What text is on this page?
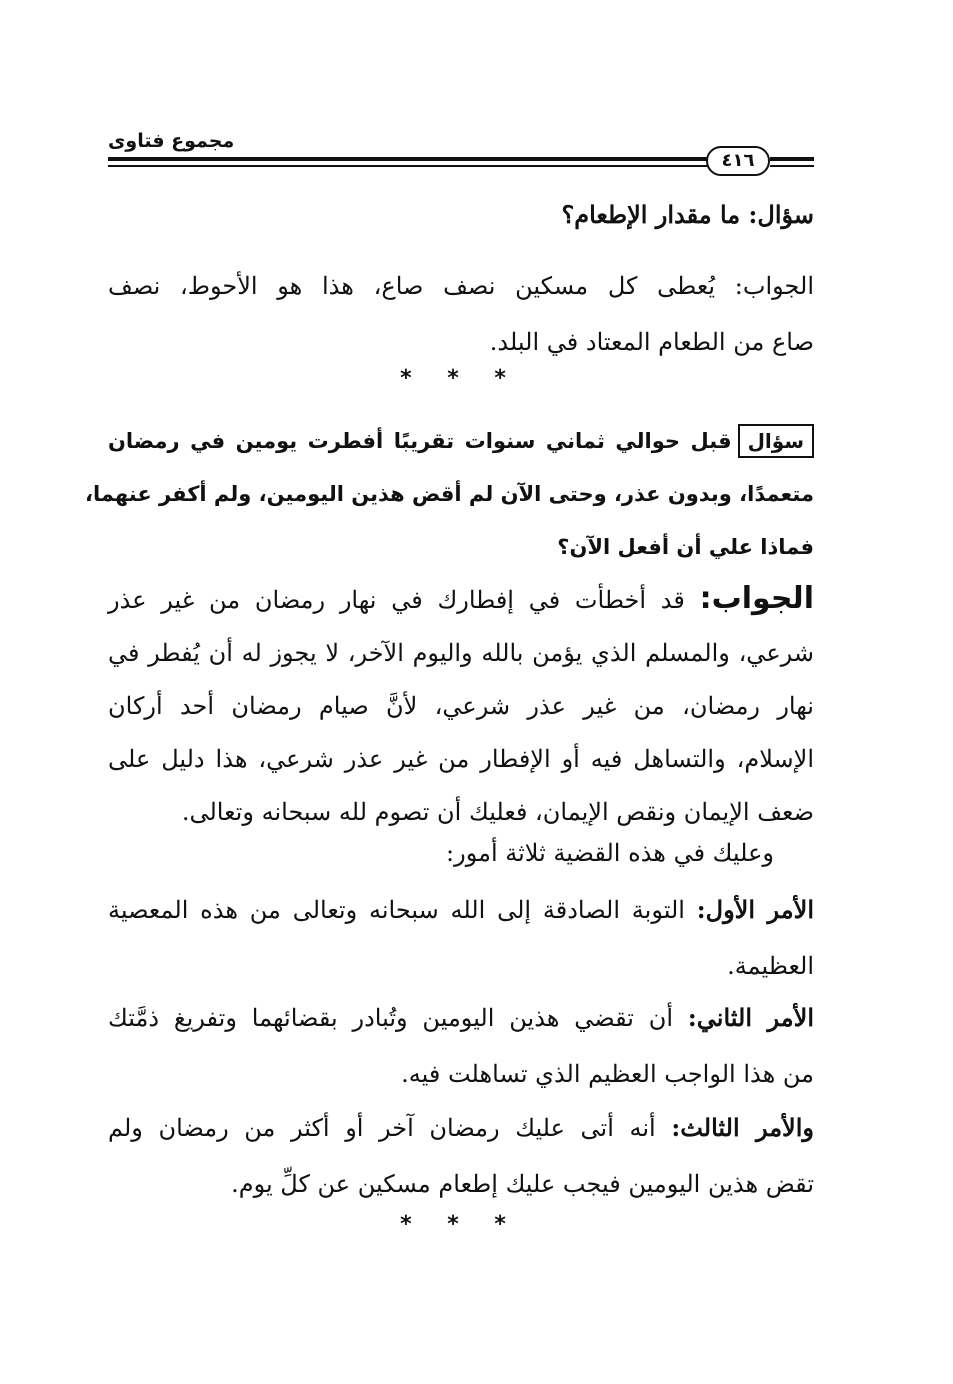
مجموع فتاوى
٤١٦
سؤال: ما مقدار الإطعام؟
الجواب: يُعطى كل مسكين نصف صاع، هذا هو الأحوط، نصف
صاع من الطعام المعتاد في البلد.
* * *
سؤالقبل حوالي ثماني سنوات تقريبًا أفطرت يومين في رمضان
متعمدًا، وبدون عذر، وحتى الآن لم أقض هذين اليومين، ولم أكفر عنهما،
فماذا علي أن أفعل الآن؟
الجواب: قد أخطأت في إفطارك في نهار رمضان من غير عذر
شرعي، والمسلم الذي يؤمن بالله واليوم الآخر، لا يجوز له أن يُفطر في
نهار رمضان، من غير عذر شرعي، لأنَّ صيام رمضان أحد أركان
الإسلام، والتساهل فيه أو الإفطار من غير عذر شرعي، هذا دليل على
ضعف الإيمان ونقص الإيمان، فعليك أن تصوم لله سبحانه وتعالى.
وعليك في هذه القضية ثلاثة أمور:
الأمر الأول: التوبة الصادقة إلى الله سبحانه وتعالى من هذه المعصية
العظيمة.
الأمر الثاني: أن تقضي هذين اليومين وتُبادر بقضائهما وتفريغ ذمَّتك
من هذا الواجب العظيم الذي تساهلت فيه.
والأمر الثالث: أنه أتى عليك رمضان آخر أو أكثر من رمضان ولم
تقض هذين اليومين فيجب عليك إطعام مسكين عن كلِّ يوم.
* * *
